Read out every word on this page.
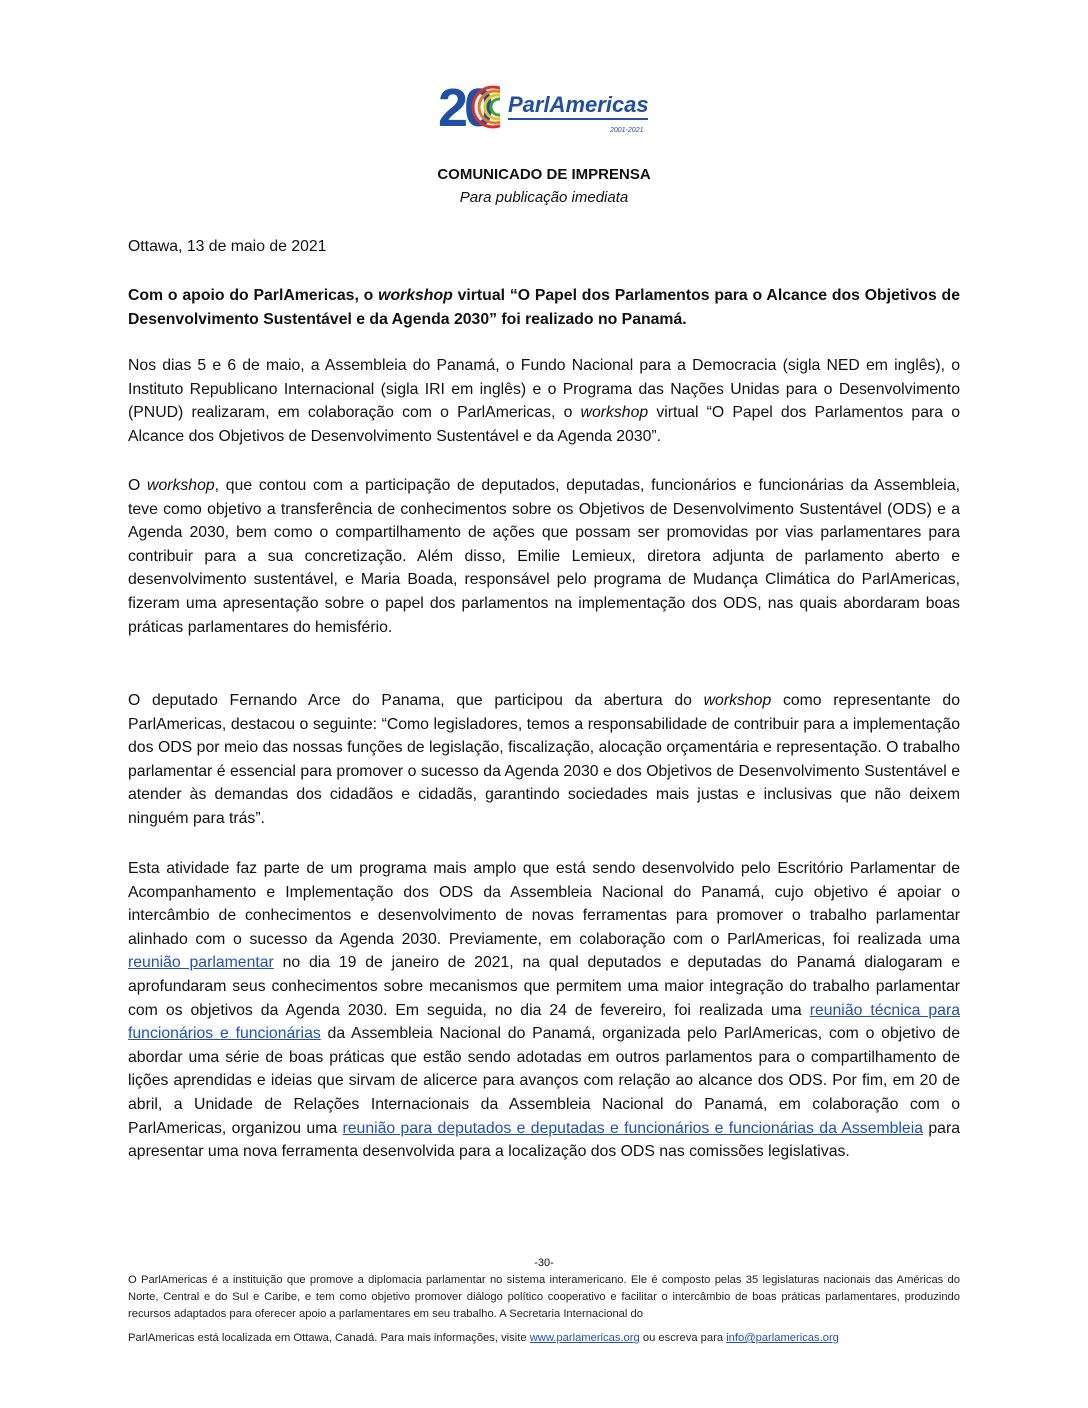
20 ParlAmericas
2001-2021
COMUNICADO DE IMPRENSA
Para publicação imediata
Ottawa, 13 de maio de 2021
Com o apoio do ParlAmericas, o workshop virtual “O Papel dos Parlamentos para o Alcance dos Objetivos de Desenvolvimento Sustentável e da Agenda 2030” foi realizado no Panamá.
Nos dias 5 e 6 de maio, a Assembleia do Panamá, o Fundo Nacional para a Democracia (sigla NED em inglês), o Instituto Republicano Internacional (sigla IRI em inglês) e o Programa das Nações Unidas para o Desenvolvimento (PNUD) realizaram, em colaboração com o ParlAmericas, o workshop virtual “O Papel dos Parlamentos para o Alcance dos Objetivos de Desenvolvimento Sustentável e da Agenda 2030”.
O workshop, que contou com a participação de deputados, deputadas, funcionários e funcionárias da Assembleia, teve como objetivo a transferência de conhecimentos sobre os Objetivos de Desenvolvimento Sustentável (ODS) e a Agenda 2030, bem como o compartilhamento de ações que possam ser promovidas por vias parlamentares para contribuir para a sua concretização. Além disso, Emilie Lemieux, diretora adjunta de parlamento aberto e desenvolvimento sustentável, e Maria Boada, responsável pelo programa de Mudança Climática do ParlAmericas, fizeram uma apresentação sobre o papel dos parlamentos na implementação dos ODS, nas quais abordaram boas práticas parlamentares do hemisfério.
O deputado Fernando Arce do Panama, que participou da abertura do workshop como representante do ParlAmericas, destacou o seguinte: “Como legisladores, temos a responsabilidade de contribuir para a implementação dos ODS por meio das nossas funções de legislação, fiscalização, alocação orçamentária e representação. O trabalho parlamentar é essencial para promover o sucesso da Agenda 2030 e dos Objetivos de Desenvolvimento Sustentável e atender às demandas dos cidadãos e cidadãs, garantindo sociedades mais justas e inclusivas que não deixem ninguém para trás”.
Esta atividade faz parte de um programa mais amplo que está sendo desenvolvido pelo Escritório Parlamentar de Acompanhamento e Implementação dos ODS da Assembleia Nacional do Panamá, cujo objetivo é apoiar o intercâmbio de conhecimentos e desenvolvimento de novas ferramentas para promover o trabalho parlamentar alinhado com o sucesso da Agenda 2030. Previamente, em colaboração com o ParlAmericas, foi realizada uma reunião parlamentar no dia 19 de janeiro de 2021, na qual deputados e deputadas do Panamá dialogaram e aprofundaram seus conhecimentos sobre mecanismos que permitem uma maior integração do trabalho parlamentar com os objetivos da Agenda 2030. Em seguida, no dia 24 de fevereiro, foi realizada uma reunião técnica para funcionários e funcionárias da Assembleia Nacional do Panamá, organizada pelo ParlAmericas, com o objetivo de abordar uma série de boas práticas que estão sendo adotadas em outros parlamentos para o compartilhamento de lições aprendidas e ideias que sirvam de alicerce para avanços com relação ao alcance dos ODS. Por fim, em 20 de abril, a Unidade de Relações Internacionais da Assembleia Nacional do Panamá, em colaboração com o ParlAmericas, organizou uma reunião para deputados e deputadas e funcionários e funcionárias da Assembleia para apresentar uma nova ferramenta desenvolvida para a localização dos ODS nas comissões legislativas.
-30-
O ParlAmericas é a instituição que promove a diplomacia parlamentar no sistema interamericano. Ele é composto pelas 35 legislaturas nacionais das Américas do Norte, Central e do Sul e Caribe, e tem como objetivo promover diálogo político cooperativo e facilitar o intercâmbio de boas práticas parlamentares, produzindo recursos adaptados para oferecer apoio a parlamentares em seu trabalho. A Secretaria Internacional do
ParlAmericas está localizada em Ottawa, Canadá. Para mais informações, visite www.parlamericas.org ou escreva para info@parlamericas.org
